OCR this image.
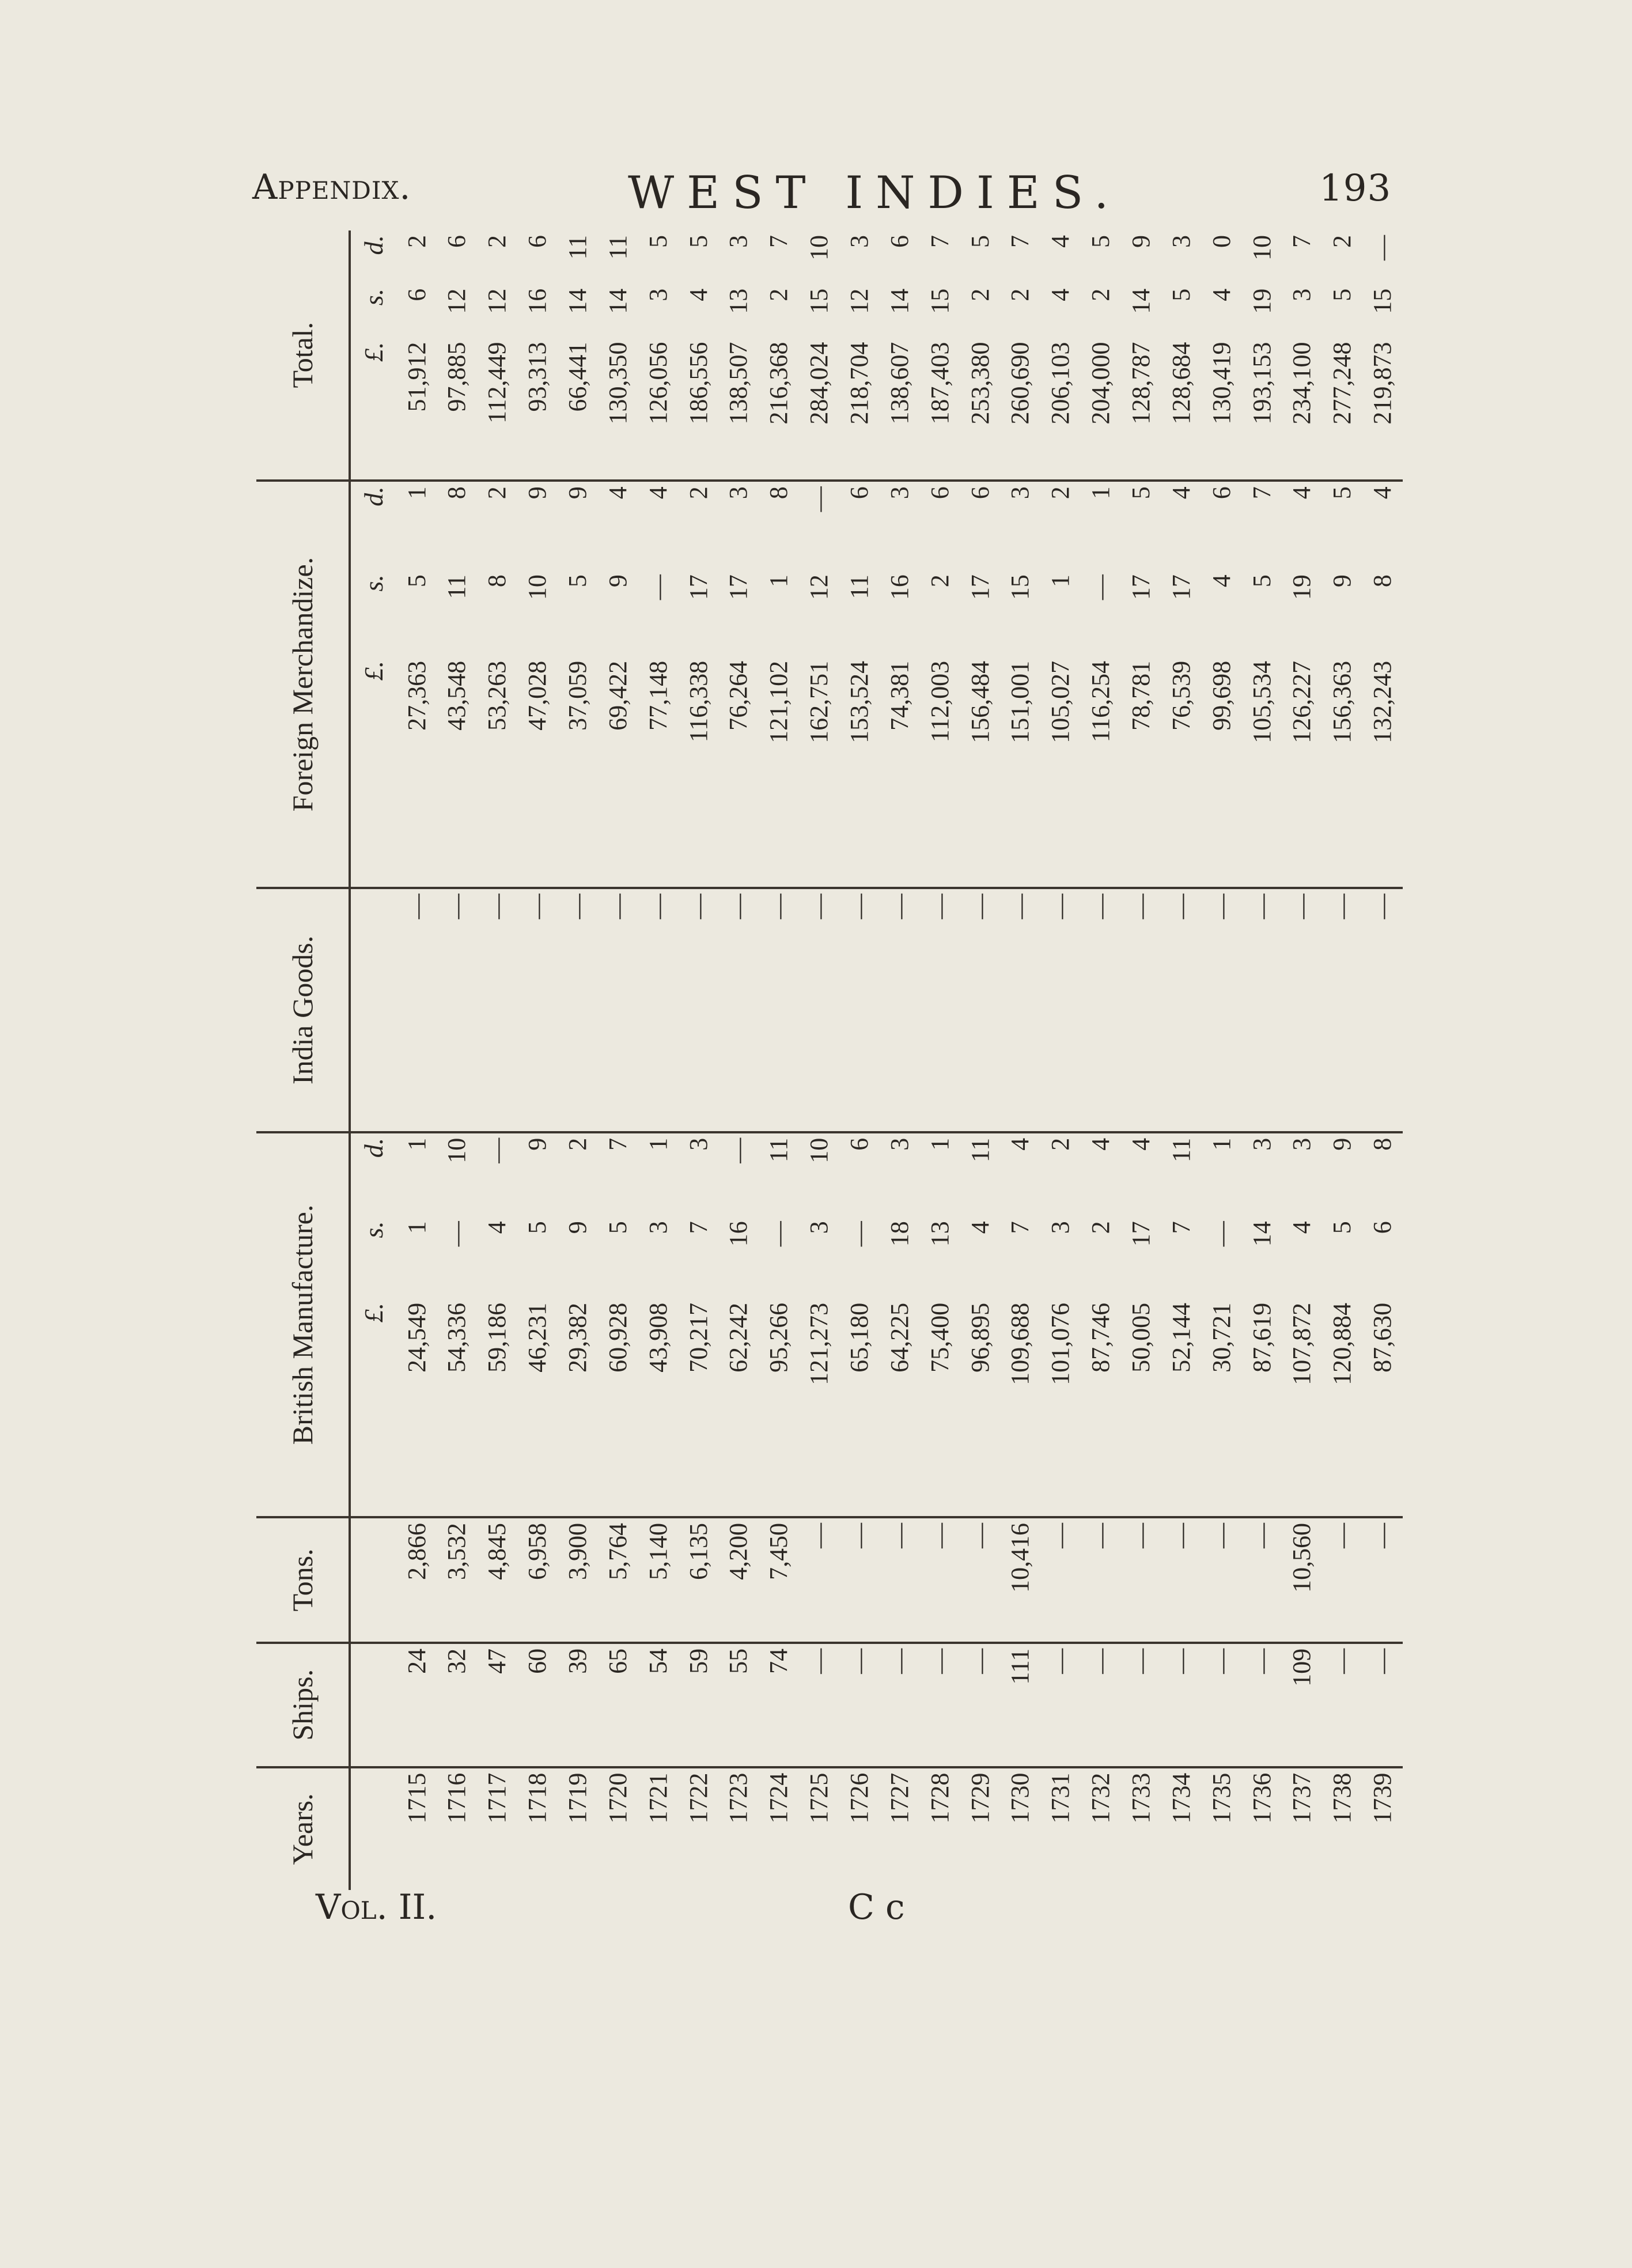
Appendix.	WEST INDIES.	193
Years.	Ships.	Tons.	British Manufacture.			India Goods.	Foreign Merchandize.			Total.		
			£.	s.	d.		£.	s.	d.	£.	s.	d.
1715	24	2,866	24,549	1	1	—	27,363	5	1	51,912	6	2
1716	32	3,532	54,336	—	10	—	43,548	11	8	97,885	12	6
1717	47	4,845	59,186	4	—	—	53,263	8	2	112,449	12	2
1718	60	6,958	46,231	5	9	—	47,028	10	9	93,313	16	6
1719	39	3,900	29,382	9	2	—	37,059	5	9	66,441	14	11
1720	65	5,764	60,928	5	7	—	69,422	9	4	130,350	14	11
1721	54	5,140	43,908	3	1	—	77,148	—	4	126,056	3	5
1722	59	6,135	70,217	7	3	—	116,338	17	2	186,556	4	5
1723	55	4,200	62,242	16	—	—	76,264	17	3	138,507	13	3
1724	74	7,450	95,266	—	11	—	121,102	1	8	216,368	2	7
1725	—	—	121,273	3	10	—	162,751	12	—	284,024	15	10
1726	—	—	65,180	—	6	—	153,524	11	6	218,704	12	3
1727	—	—	64,225	18	3	—	74,381	16	3	138,607	14	6
1728	—	—	75,400	13	1	—	112,003	2	6	187,403	15	7
1729	—	—	96,895	4	11	—	156,484	17	6	253,380	2	5
1730	111	10,416	109,688	7	4	—	151,001	15	3	260,690	2	7
1731	—	—	101,076	3	2	—	105,027	1	2	206,103	4	4
1732	—	—	87,746	2	4	—	116,254	—	1	204,000	2	5
1733	—	—	50,005	17	4	—	78,781	17	5	128,787	14	9
1734	—	—	52,144	7	11	—	76,539	17	4	128,684	5	3
1735	—	—	30,721	—	1	—	99,698	4	6	130,419	4	0
1736	—	—	87,619	14	3	—	105,534	5	7	193,153	19	10
1737	109	10,560	107,872	4	3	—	126,227	19	4	234,100	3	7
1738	—	—	120,884	5	9	—	156,363	9	5	277,248	5	2
1739	—	—	87,630	6	8	—	132,243	8	4	219,873	15	—
Vol. II.	C c
